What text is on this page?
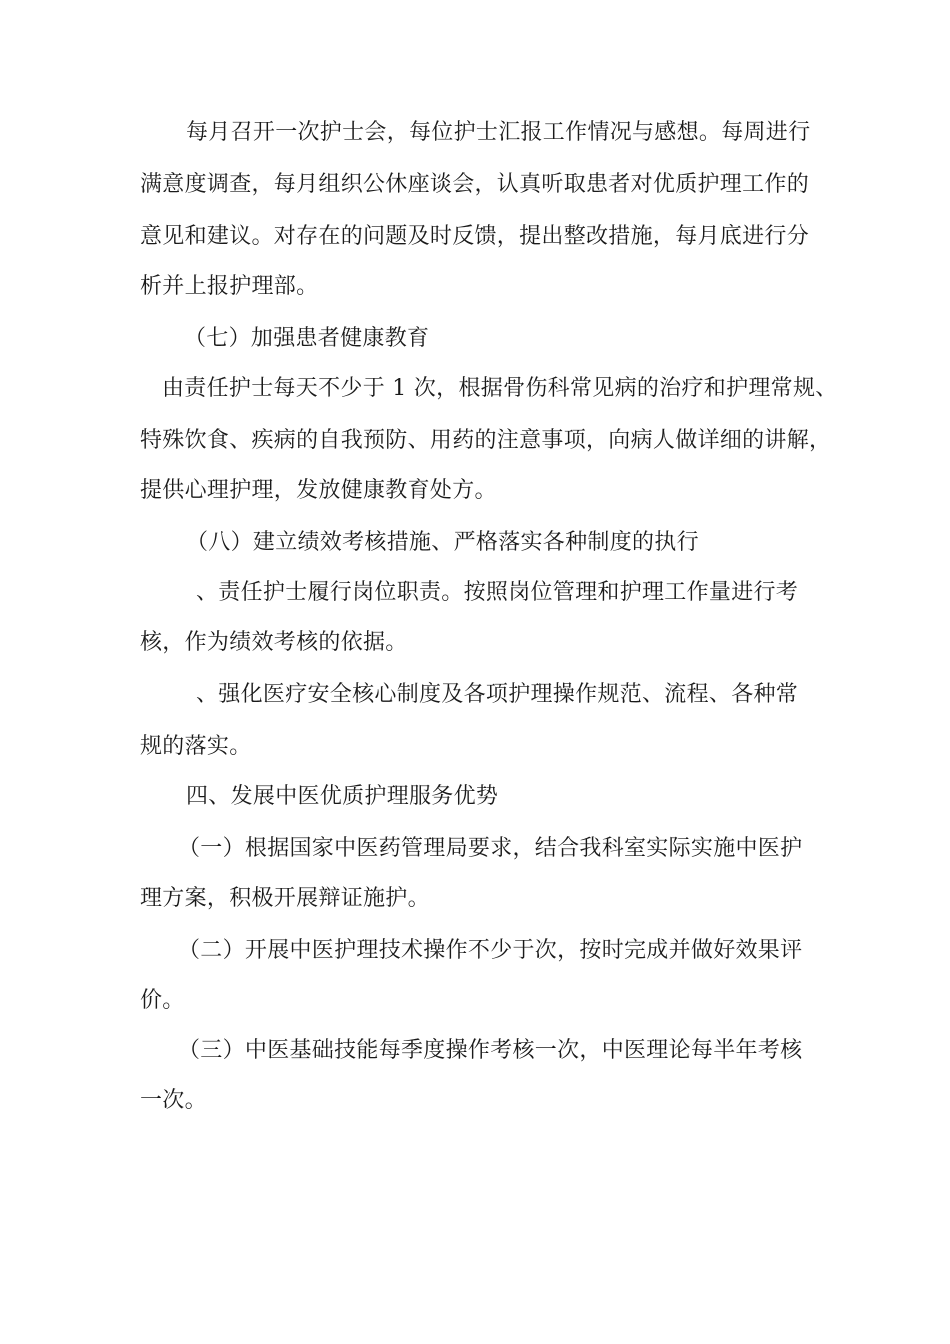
每月召开一次护士会，每位护士汇报工作情况与感想。每周进行
满意度调查，每月组织公休座谈会，认真听取患者对优质护理工作的
意见和建议。对存在的问题及时反馈，提出整改措施，每月底进行分
析并上报护理部。
（七）加强患者健康教育
由责任护士每天不少于 1 次，根据骨伤科常见病的治疗和护理常规、
特殊饮食、疾病的自我预防、用药的注意事项，向病人做详细的讲解，
提供心理护理，发放健康教育处方。
（八）建立绩效考核措施、严格落实各种制度的执行
、责任护士履行岗位职责。按照岗位管理和护理工作量进行考
核，作为绩效考核的依据。
、强化医疗安全核心制度及各项护理操作规范、流程、各种常
规的落实。
四、发展中医优质护理服务优势
（一）根据国家中医药管理局要求，结合我科室实际实施中医护
理方案，积极开展辩证施护。
（二）开展中医护理技术操作不少于次，按时完成并做好效果评
价。
（三）中医基础技能每季度操作考核一次，中医理论每半年考核
一次。
